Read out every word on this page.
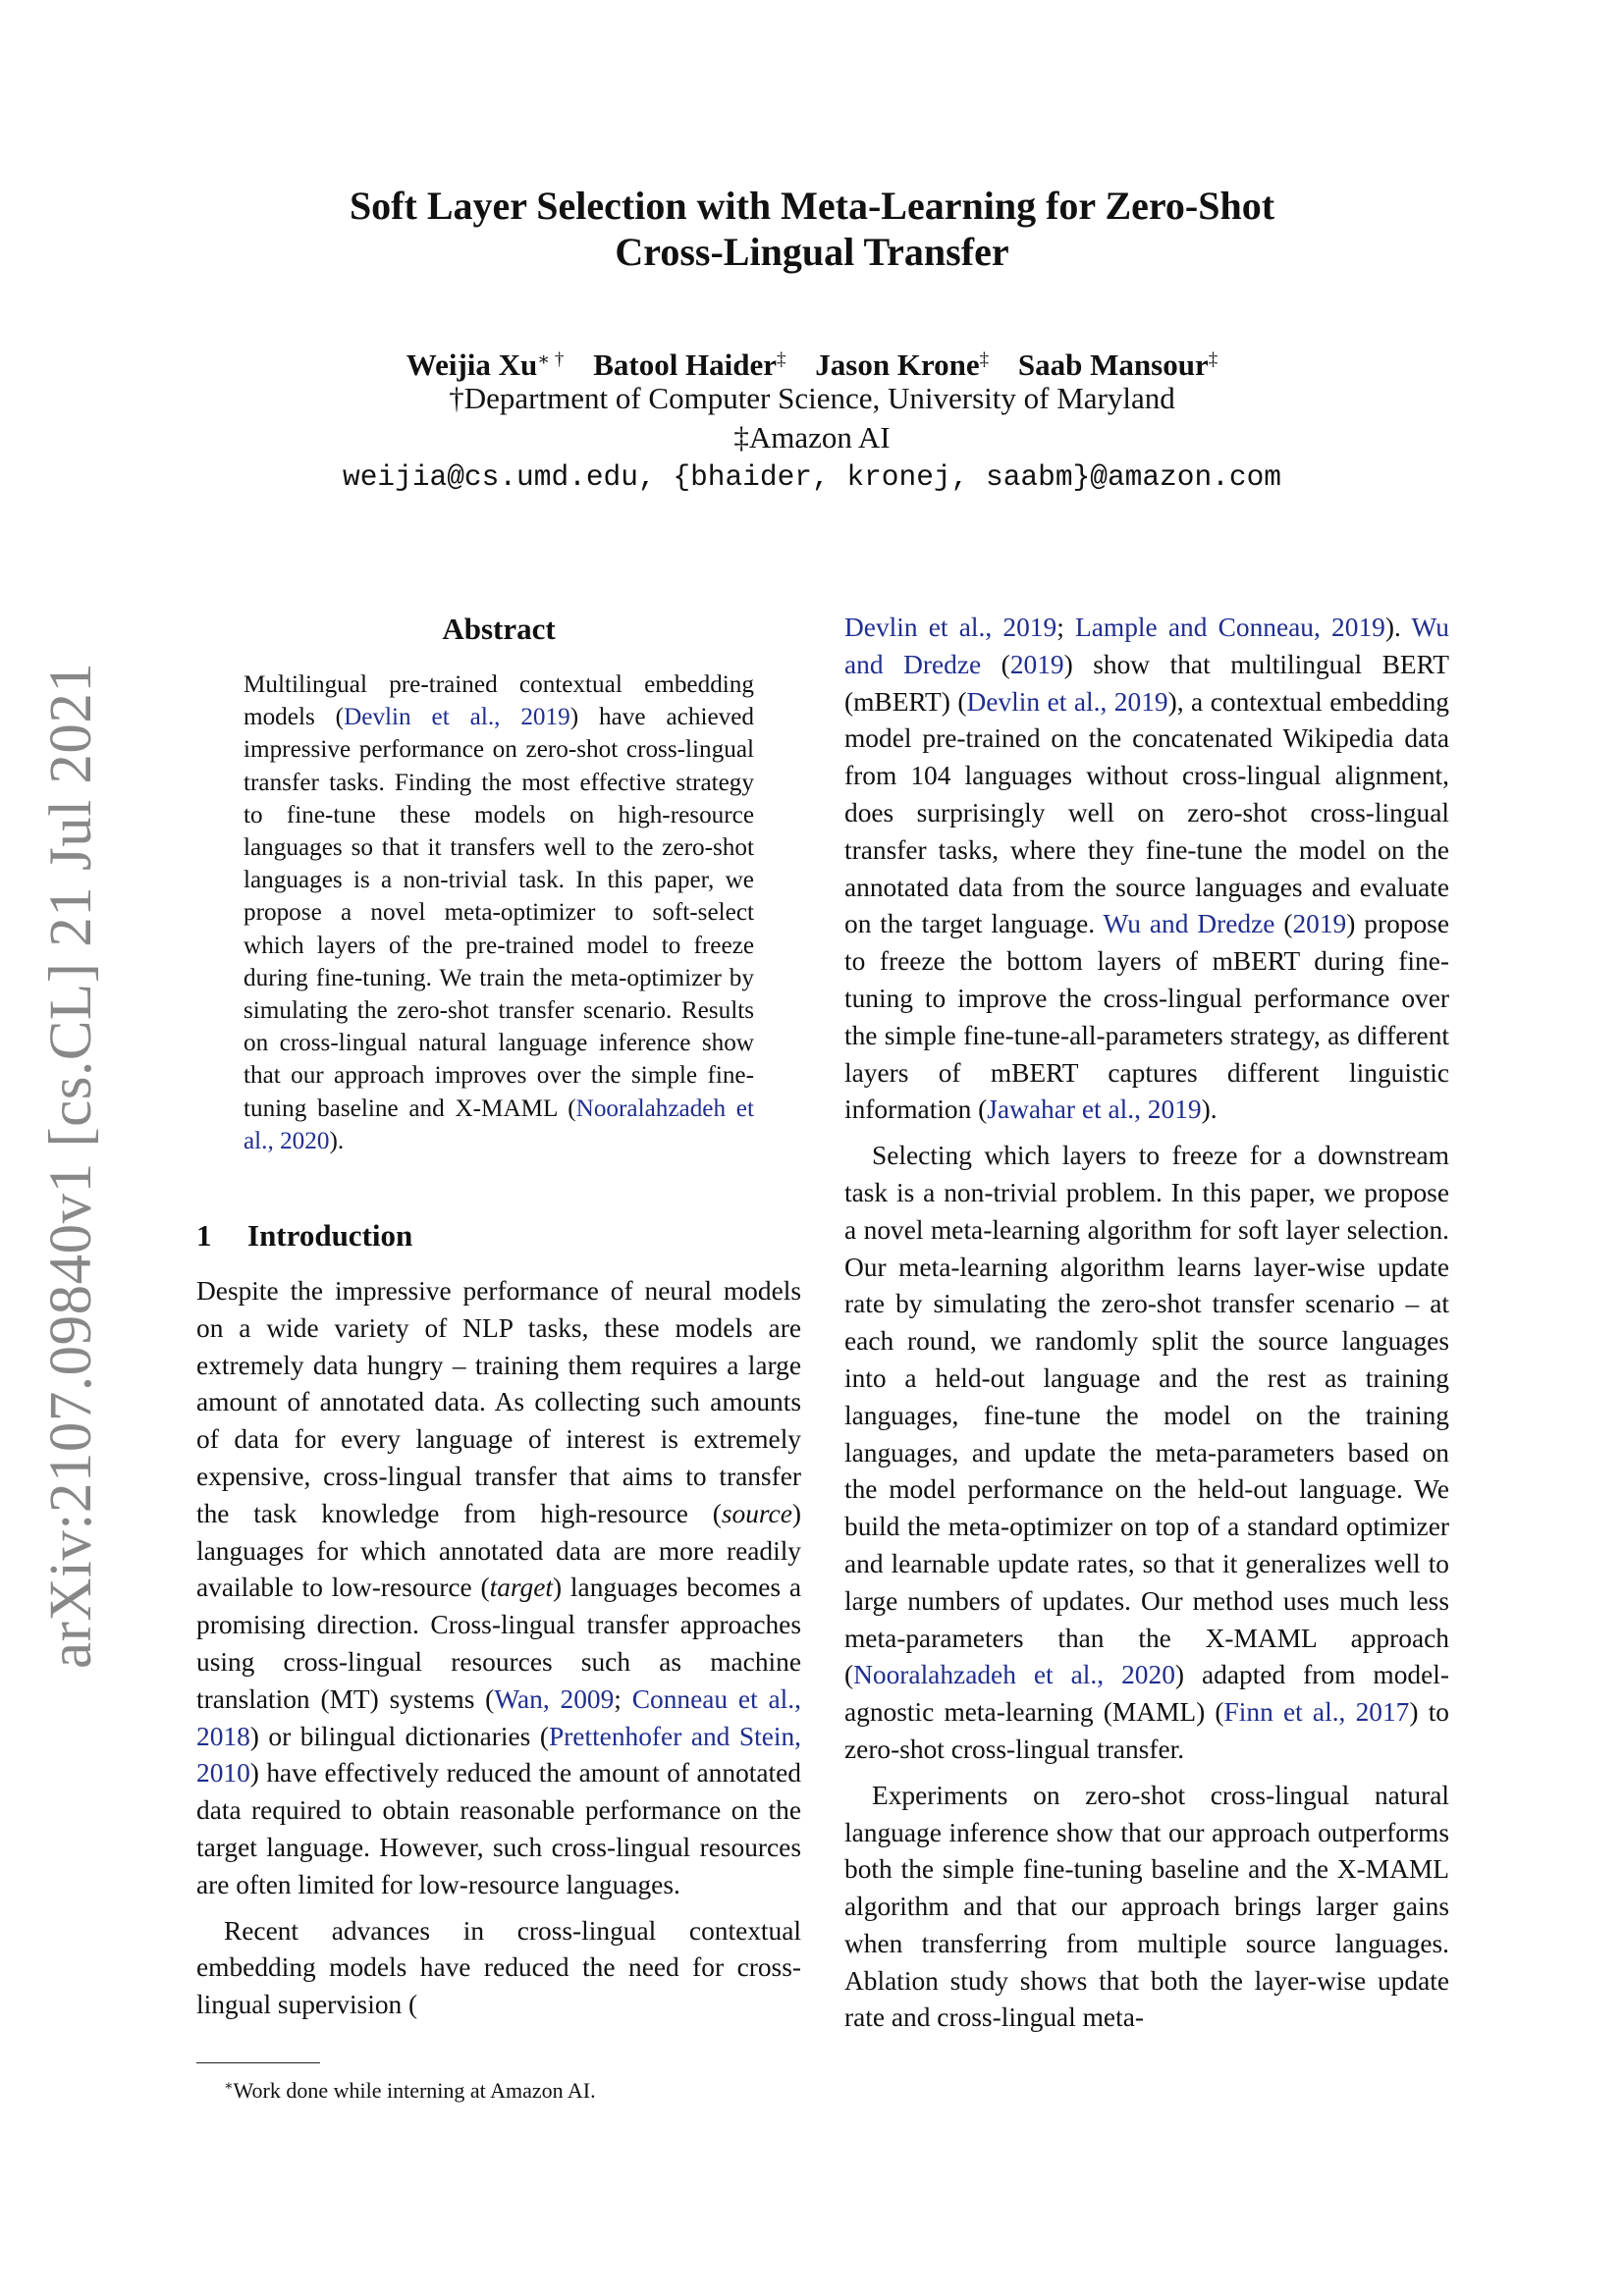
arXiv:2107.09840v1 [cs.CL] 21 Jul 2021
Soft Layer Selection with Meta-Learning for Zero-Shot
Cross-Lingual Transfer
Weijia Xu∗ † Batool Haider‡ Jason Krone‡ Saab Mansour‡
†Department of Computer Science, University of Maryland
‡Amazon AI
weijia@cs.umd.edu, {bhaider, kronej, saabm}@amazon.com
Abstract

Multilingual pre-trained contextual embedding models (Devlin et al., 2019) have achieved impressive performance on zero-shot cross-lingual transfer tasks. Finding the most effective strategy to fine-tune these models on high-resource languages so that it transfers well to the zero-shot languages is a non-trivial task. In this paper, we propose a novel meta-optimizer to soft-select which layers of the pre-trained model to freeze during fine-tuning. We train the meta-optimizer by simulating the zero-shot transfer scenario. Results on cross-lingual natural language inference show that our approach improves over the simple fine-tuning baseline and X-MAML (Nooralahzadeh et al., 2020).

1 Introduction

Despite the impressive performance of neural models on a wide variety of NLP tasks, these models are extremely data hungry – training them requires a large amount of annotated data. As collecting such amounts of data for every language of interest is extremely expensive, cross-lingual transfer that aims to transfer the task knowledge from high-resource (source) languages for which annotated data are more readily available to low-resource (target) languages becomes a promising direction. Cross-lingual transfer approaches using cross-lingual resources such as machine translation (MT) systems (Wan, 2009; Conneau et al., 2018) or bilingual dictionaries (Prettenhofer and Stein, 2010) have effectively reduced the amount of annotated data required to obtain reasonable performance on the target language. However, such cross-lingual resources are often limited for low-resource languages.

Recent advances in cross-lingual contextual embedding models have reduced the need for cross-lingual supervision (

Devlin et al., 2019; Lample and Conneau, 2019). Wu and Dredze (2019) show that multilingual BERT (mBERT) (Devlin et al., 2019), a contextual embedding model pre-trained on the concatenated Wikipedia data from 104 languages without cross-lingual alignment, does surprisingly well on zero-shot cross-lingual transfer tasks, where they fine-tune the model on the annotated data from the source languages and evaluate on the target language. Wu and Dredze (2019) propose to freeze the bottom layers of mBERT during fine-tuning to improve the cross-lingual performance over the simple fine-tune-all-parameters strategy, as different layers of mBERT captures different linguistic information (Jawahar et al., 2019).

Selecting which layers to freeze for a downstream task is a non-trivial problem. In this paper, we propose a novel meta-learning algorithm for soft layer selection. Our meta-learning algorithm learns layer-wise update rate by simulating the zero-shot transfer scenario – at each round, we randomly split the source languages into a held-out language and the rest as training languages, fine-tune the model on the training languages, and update the meta-parameters based on the model performance on the held-out language. We build the meta-optimizer on top of a standard optimizer and learnable update rates, so that it generalizes well to large numbers of updates. Our method uses much less meta-parameters than the X-MAML approach (Nooralahzadeh et al., 2020) adapted from model-agnostic meta-learning (MAML) (Finn et al., 2017) to zero-shot cross-lingual transfer.

Experiments on zero-shot cross-lingual natural language inference show that our approach outperforms both the simple fine-tuning baseline and the X-MAML algorithm and that our approach brings larger gains when transferring from multiple source languages. Ablation study shows that both the layer-wise update rate and cross-lingual meta-

∗Work done while interning at Amazon AI.
